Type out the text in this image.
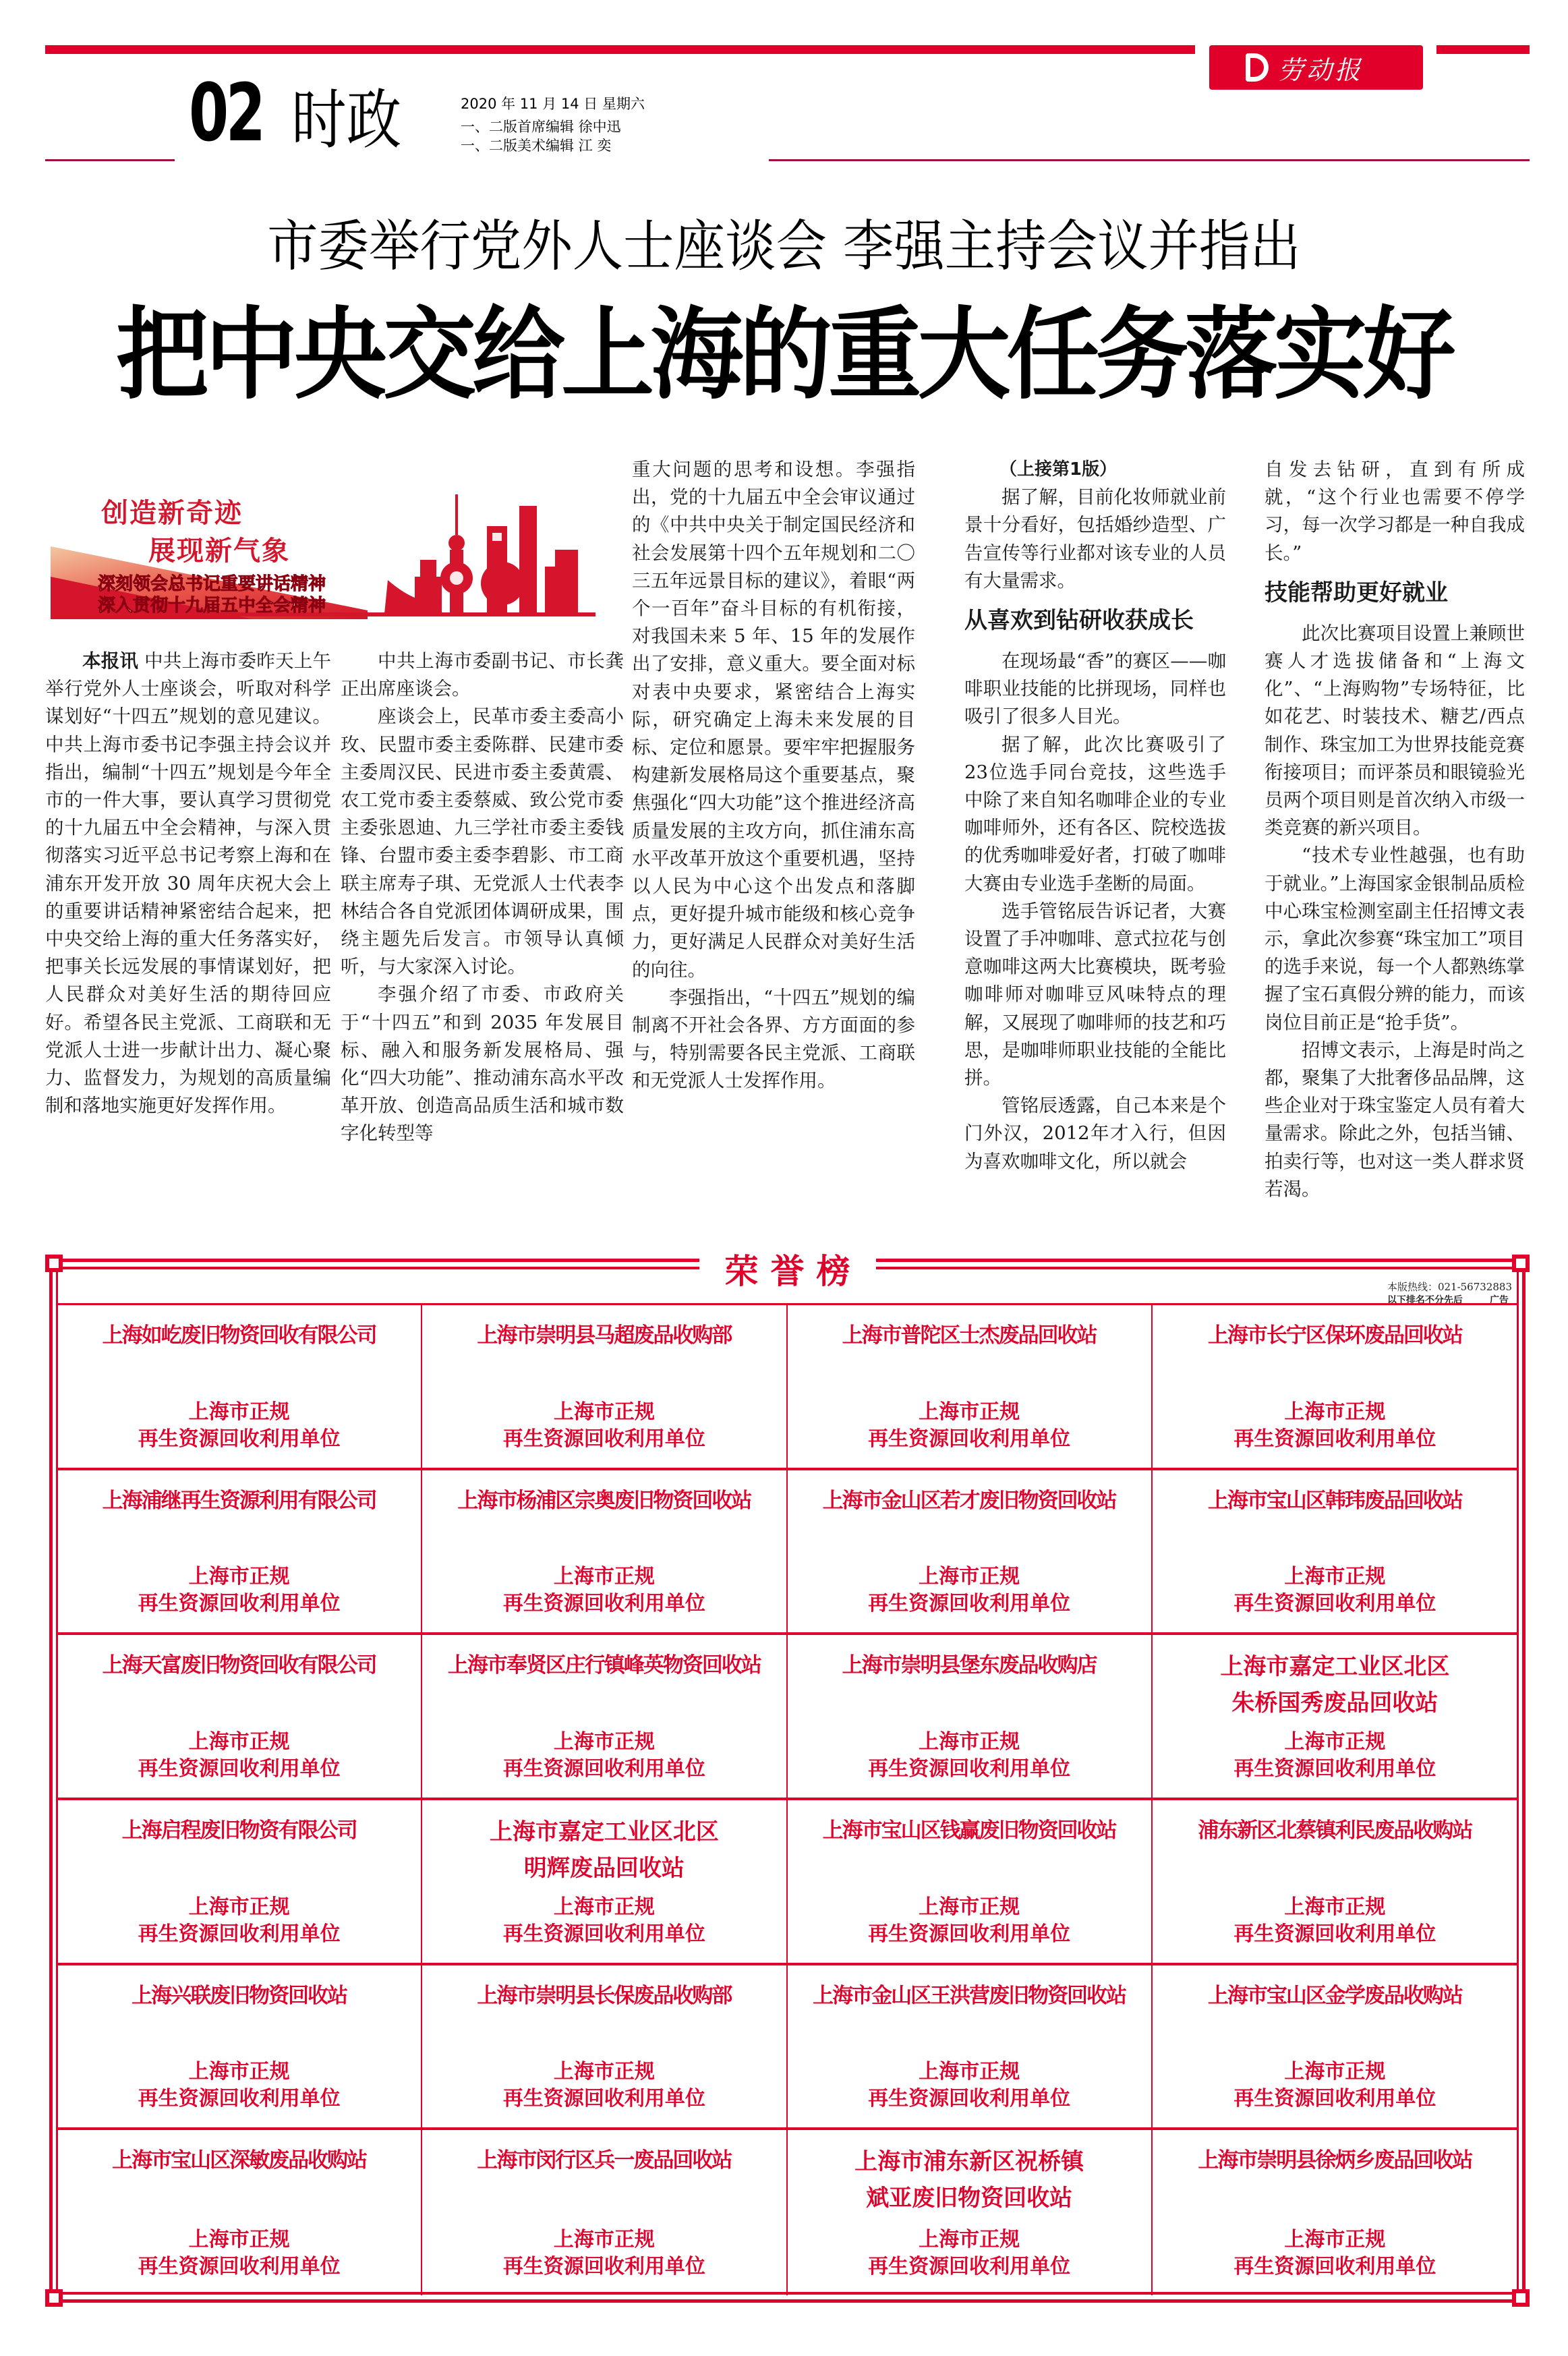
劳动报
02 时政	2020 年 11 月 14 日 星期六
一、二版首席编辑 徐中迅
一、二版美术编辑 江 奕
市委举行党外人士座谈会 李强主持会议并指出
把中央交给上海的重大任务落实好
创造新奇迹
展现新气象
深刻领会总书记重要讲话精神
深入贯彻十九届五中全会精神

本报讯 中共上海市委昨天上午举行党外人士座谈会，听取对科学谋划好“十四五”规划的意见建议。中共上海市委书记李强主持会议并指出，编制“十四五”规划是今年全市的一件大事，要认真学习贯彻党的十九届五中全会精神，与深入贯彻落实习近平总书记考察上海和在浦东开发开放 30 周年庆祝大会上的重要讲话精神紧密结合起来，把中央交给上海的重大任务落实好，把事关长远发展的事情谋划好，把人民群众对美好生活的期待回应好。希望各民主党派、工商联和无党派人士进一步献计出力、凝心聚力、监督发力，为规划的高质量编制和落地实施更好发挥作用。

中共上海市委副书记、市长龚正出席座谈会。

座谈会上，民革市委主委高小玫、民盟市委主委陈群、民建市委主委周汉民、民进市委主委黄震、农工党市委主委蔡威、致公党市委主委张恩迪、九三学社市委主委钱锋、台盟市委主委李碧影、市工商联主席寿子琪、无党派人士代表李林结合各自党派团体调研成果，围绕主题先后发言。市领导认真倾听，与大家深入讨论。

李强介绍了市委、市政府关于“十四五”和到 2035 年发展目标、融入和服务新发展格局、强化“四大功能”、推动浦东高水平改革开放、创造高品质生活和城市数字化转型等

重大问题的思考和设想。李强指出，党的十九届五中全会审议通过的《中共中央关于制定国民经济和社会发展第十四个五年规划和二〇三五年远景目标的建议》，着眼“两个一百年”奋斗目标的有机衔接，对我国未来 5 年、15 年的发展作出了安排，意义重大。要全面对标对表中央要求，紧密结合上海实际，研究确定上海未来发展的目标、定位和愿景。要牢牢把握服务构建新发展格局这个重要基点，聚焦强化“四大功能”这个推进经济高质量发展的主攻方向，抓住浦东高水平改革开放这个重要机遇，坚持以人民为中心这个出发点和落脚点，更好提升城市能级和核心竞争力，更好满足人民群众对美好生活的向往。

李强指出，“十四五”规划的编制离不开社会各界、方方面面的参与，特别需要各民主党派、工商联和无党派人士发挥作用。

（上接第1版）

据了解，目前化妆师就业前景十分看好，包括婚纱造型、广告宣传等行业都对该专业的人员有大量需求。

从喜欢到钻研收获成长

在现场最“香”的赛区——咖啡职业技能的比拼现场，同样也吸引了很多人目光。

据了解，此次比赛吸引了23位选手同台竞技，这些选手中除了来自知名咖啡企业的专业咖啡师外，还有各区、院校选拔的优秀咖啡爱好者，打破了咖啡大赛由专业选手垄断的局面。

选手管铭辰告诉记者，大赛设置了手冲咖啡、意式拉花与创意咖啡这两大比赛模块，既考验咖啡师对咖啡豆风味特点的理解，又展现了咖啡师的技艺和巧思，是咖啡师职业技能的全能比拼。

管铭辰透露，自己本来是个门外汉，2012年才入行，但因为喜欢咖啡文化，所以就会

自发去钻研，直到有所成就，“这个行业也需要不停学习，每一次学习都是一种自我成长。”

技能帮助更好就业

此次比赛项目设置上兼顾世赛人才选拔储备和“上海文化”、“上海购物”专场特征，比如花艺、时装技术、糖艺/西点制作、珠宝加工为世界技能竞赛衔接项目；而评茶员和眼镜验光员两个项目则是首次纳入市级一类竞赛的新兴项目。

“技术专业性越强，也有助于就业。”上海国家金银制品质检中心珠宝检测室副主任招博文表示，拿此次参赛“珠宝加工”项目的选手来说，每一个人都熟练掌握了宝石真假分辨的能力，而该岗位目前正是“抢手货”。

招博文表示，上海是时尚之都，聚集了大批奢侈品品牌，这些企业对于珠宝鉴定人员有着大量需求。除此之外，包括当铺、拍卖行等，也对这一类人群求贤若渴。

荣誉榜	本版热线：021-56732883
以下排名不分先后	广告
上海如屹废旧物资回收有限公司
上海市正规
再生资源回收利用单位
上海市崇明县马超废品收购部
上海市正规
再生资源回收利用单位
上海市普陀区士杰废品回收站
上海市正规
再生资源回收利用单位
上海市长宁区保环废品回收站
上海市正规
再生资源回收利用单位
上海浦继再生资源利用有限公司
上海市正规
再生资源回收利用单位
上海市杨浦区宗奥废旧物资回收站
上海市正规
再生资源回收利用单位
上海市金山区若才废旧物资回收站
上海市正规
再生资源回收利用单位
上海市宝山区韩玮废品回收站
上海市正规
再生资源回收利用单位
上海天富废旧物资回收有限公司
上海市正规
再生资源回收利用单位
上海市奉贤区庄行镇峰英物资回收站
上海市正规
再生资源回收利用单位
上海市崇明县堡东废品收购店
上海市正规
再生资源回收利用单位
上海市嘉定工业区北区
朱桥国秀废品回收站
上海市正规
再生资源回收利用单位
上海启程废旧物资有限公司
上海市正规
再生资源回收利用单位
上海市嘉定工业区北区
明辉废品回收站
上海市正规
再生资源回收利用单位
上海市宝山区钱赢废旧物资回收站
上海市正规
再生资源回收利用单位
浦东新区北蔡镇利民废品收购站
上海市正规
再生资源回收利用单位
上海兴联废旧物资回收站
上海市正规
再生资源回收利用单位
上海市崇明县长保废品收购部
上海市正规
再生资源回收利用单位
上海市金山区王洪营废旧物资回收站
上海市正规
再生资源回收利用单位
上海市宝山区金学废品收购站
上海市正规
再生资源回收利用单位
上海市宝山区深敏废品收购站
上海市正规
再生资源回收利用单位
上海市闵行区兵一废品回收站
上海市正规
再生资源回收利用单位
上海市浦东新区祝桥镇
斌亚废旧物资回收站
上海市正规
再生资源回收利用单位
上海市崇明县徐炳乡废品回收站
上海市正规
再生资源回收利用单位
